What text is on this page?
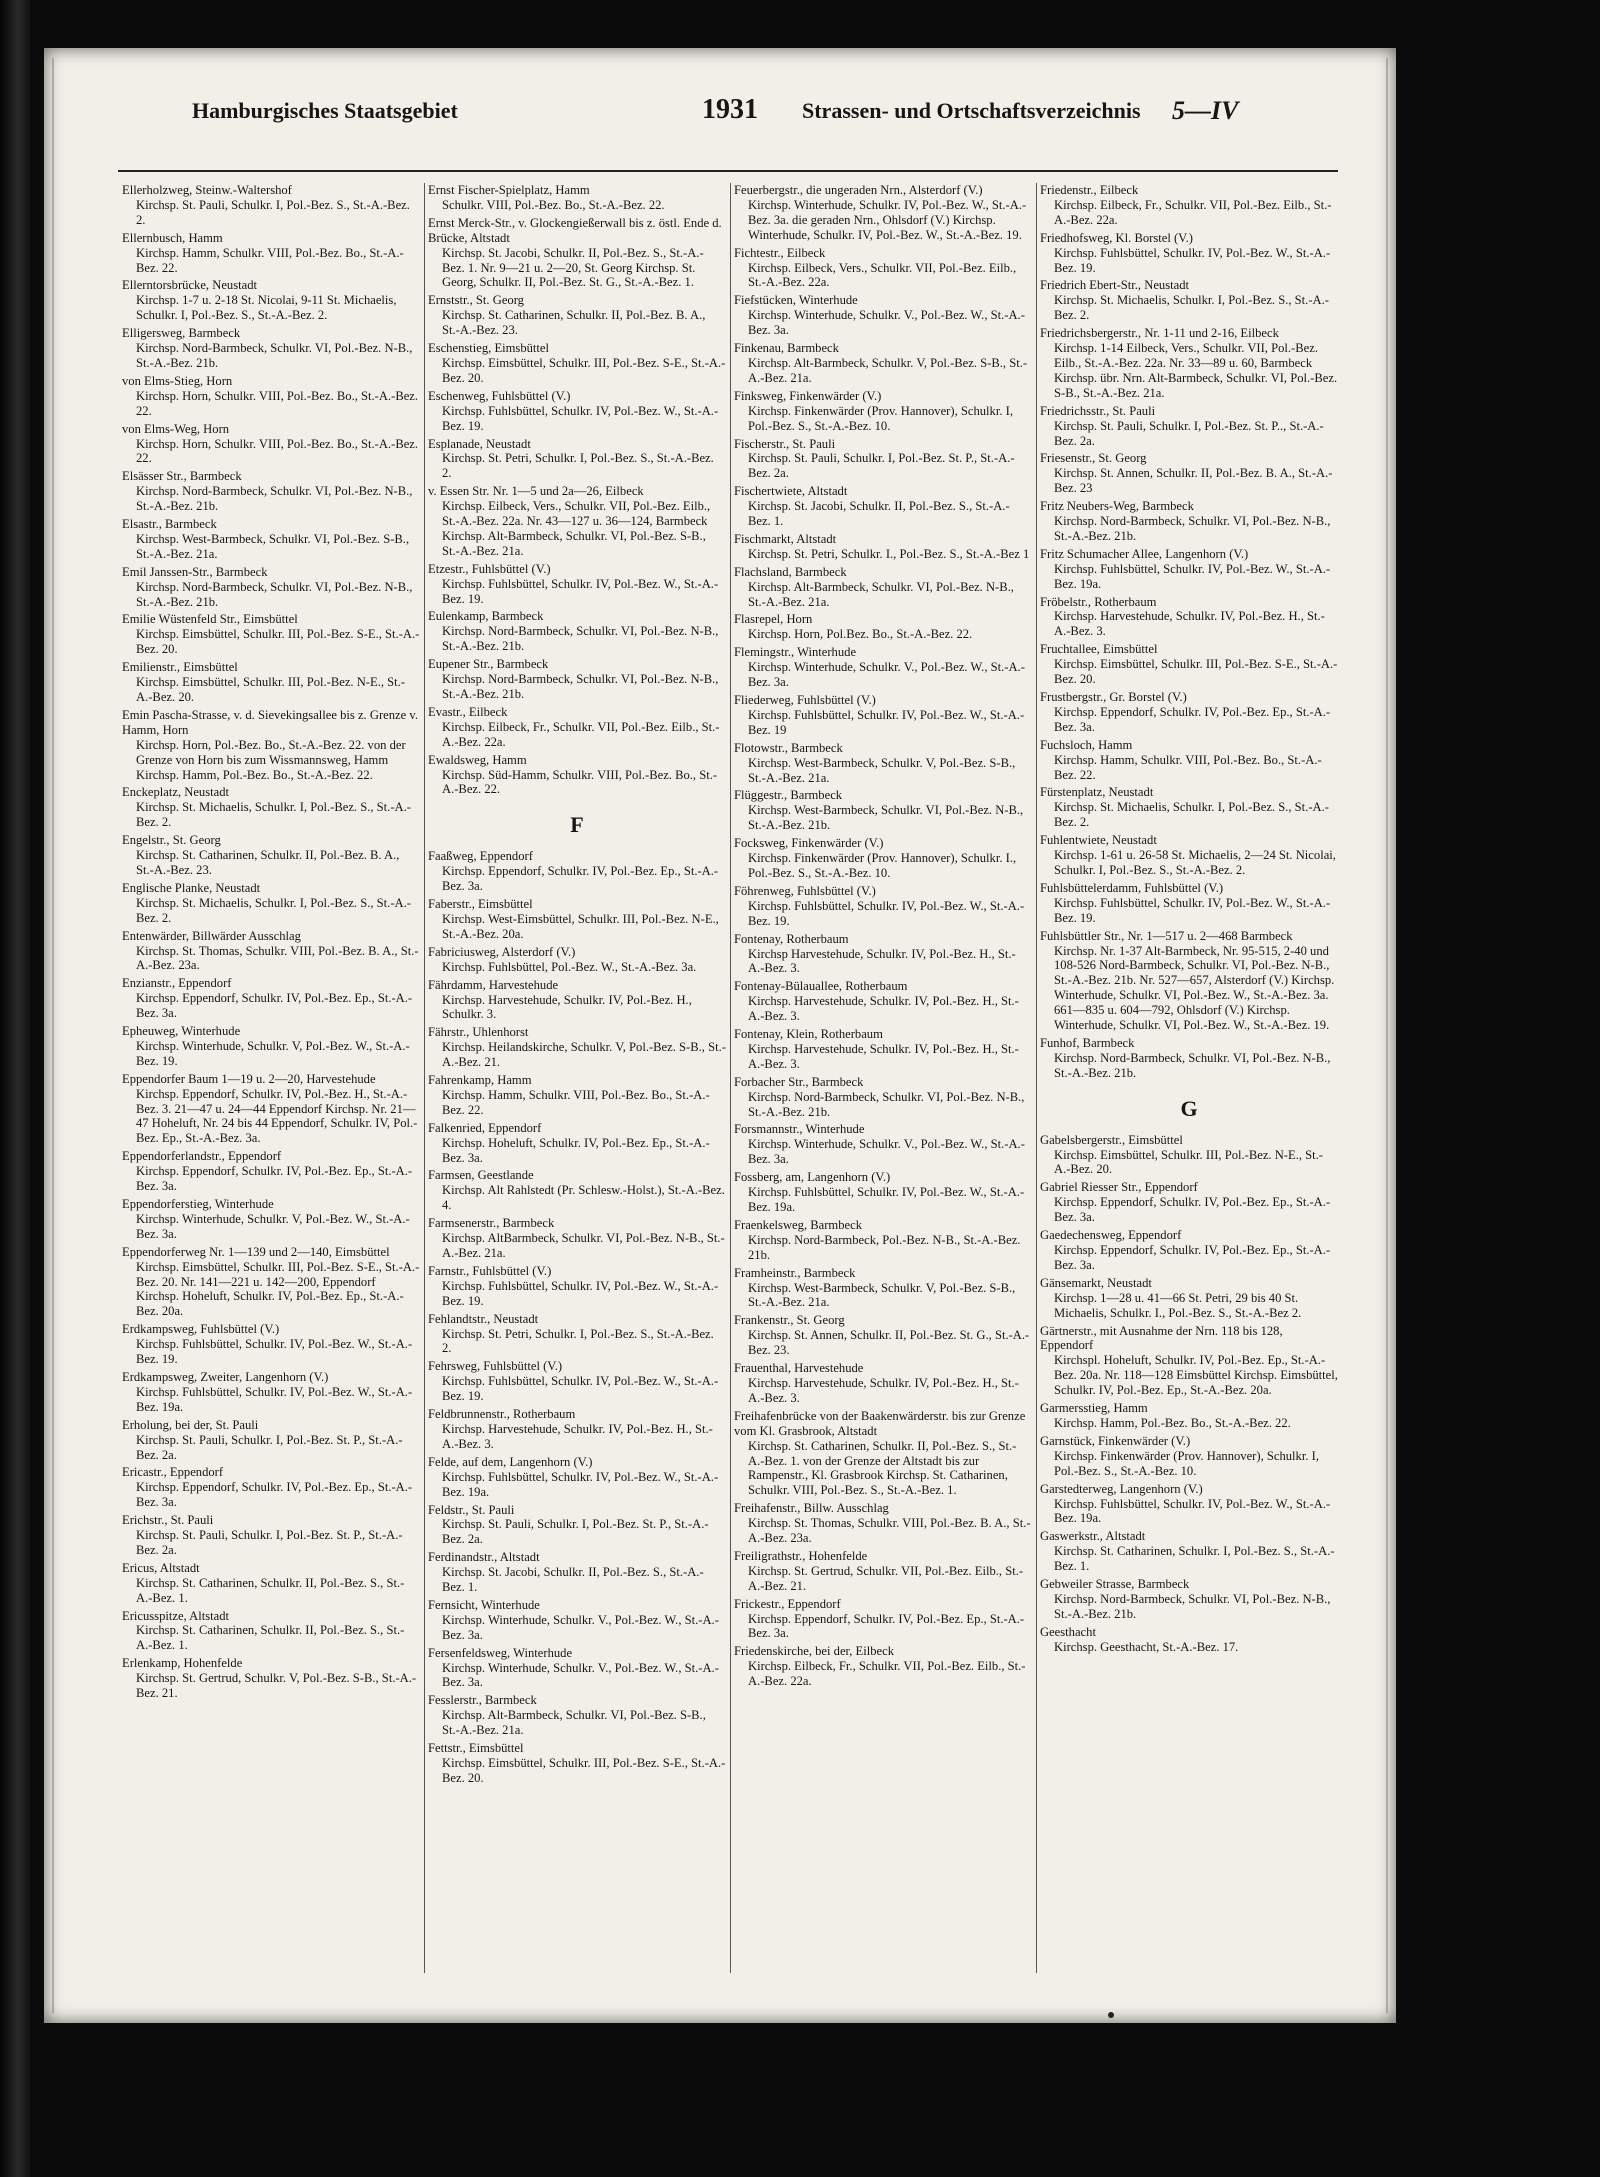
Hamburgisches Staatsgebiet	1931 Strassen- und Ortschaftsverzeichnis 5—IV
Ellerholzweg, Steinw.-Waltershof
Kirchsp. St. Pauli, Schulkr. I, Pol.-Bez. S., St.-A.-Bez. 2.
Ellernbusch, Hamm
Kirchsp. Hamm, Schulkr. VIII, Pol.-Bez. Bo., St.-A.-Bez. 22.
Ellerntorsbrücke, Neustadt
Kirchsp. 1-7 u. 2-18 St. Nicolai, 9-11 St. Michaelis, Schulkr. I, Pol.-Bez. S., St.-A.-Bez. 2.
Elligersweg, Barmbeck
Kirchsp. Nord-Barmbeck, Schulkr. VI, Pol.-Bez. N-B., St.-A.-Bez. 21b.
von Elms-Stieg, Horn
Kirchsp. Horn, Schulkr. VIII, Pol.-Bez. Bo., St.-A.-Bez. 22.
von Elms-Weg, Horn
Kirchsp. Horn, Schulkr. VIII, Pol.-Bez. Bo., St.-A.-Bez. 22.
Elsässer Str., Barmbeck
Kirchsp. Nord-Barmbeck, Schulkr. VI, Pol.-Bez. N-B., St.-A.-Bez. 21b.
Elsastr., Barmbeck
Kirchsp. West-Barmbeck, Schulkr. VI, Pol.-Bez. S-B., St.-A.-Bez. 21a.
Emil Janssen-Str., Barmbeck
Kirchsp. Nord-Barmbeck, Schulkr. VI, Pol.-Bez. N-B., St.-A.-Bez. 21b.
Emilie Wüstenfeld Str., Eimsbüttel
Kirchsp. Eimsbüttel, Schulkr. III, Pol.-Bez. S-E., St.-A.-Bez. 20.
Emilienstr., Eimsbüttel
Kirchsp. Eimsbüttel, Schulkr. III, Pol.-Bez. N-E., St.-A.-Bez. 20.
Emin Pascha-Strasse, v. d. Sievekingsallee bis z. Grenze v. Hamm, Horn
Kirchsp. Horn, Pol.-Bez. Bo., St.-A.-Bez. 22. von der Grenze von Horn bis zum Wissmannsweg, Hamm Kirchsp. Hamm, Pol.-Bez. Bo., St.-A.-Bez. 22.
Enckeplatz, Neustadt
Kirchsp. St. Michaelis, Schulkr. I, Pol.-Bez. S., St.-A.-Bez. 2.
Engelstr., St. Georg
Kirchsp. St. Catharinen, Schulkr. II, Pol.-Bez. B. A., St.-A.-Bez. 23.
Englische Planke, Neustadt
Kirchsp. St. Michaelis, Schulkr. I, Pol.-Bez. S., St.-A.-Bez. 2.
Entenwärder, Billwärder Ausschlag
Kirchsp. St. Thomas, Schulkr. VIII, Pol.-Bez. B. A., St.-A.-Bez. 23a.
Enzianstr., Eppendorf
Kirchsp. Eppendorf, Schulkr. IV, Pol.-Bez. Ep., St.-A.-Bez. 3a.
Epheuweg, Winterhude
Kirchsp. Winterhude, Schulkr. V, Pol.-Bez. W., St.-A.-Bez. 19.
Eppendorfer Baum 1—19 u. 2—20, Harvestehude
Kirchsp. Eppendorf, Schulkr. IV, Pol.-Bez. H., St.-A.-Bez. 3. 21—47 u. 24—44 Eppendorf Kirchsp. Nr. 21—47 Hoheluft, Nr. 24 bis 44 Eppendorf, Schulkr. IV, Pol.-Bez. Ep., St.-A.-Bez. 3a.
Eppendorferlandstr., Eppendorf
Kirchsp. Eppendorf, Schulkr. IV, Pol.-Bez. Ep., St.-A.-Bez. 3a.
Eppendorferstieg, Winterhude
Kirchsp. Winterhude, Schulkr. V, Pol.-Bez. W., St.-A.-Bez. 3a.
Eppendorferweg Nr. 1—139 und 2—140, Eimsbüttel
Kirchsp. Eimsbüttel, Schulkr. III, Pol.-Bez. S-E., St.-A.-Bez. 20. Nr. 141—221 u. 142—200, Eppendorf Kirchsp. Hoheluft, Schulkr. IV, Pol.-Bez. Ep., St.-A.-Bez. 20a.
Erdkampsweg, Fuhlsbüttel (V.)
Kirchsp. Fuhlsbüttel, Schulkr. IV, Pol.-Bez. W., St.-A.-Bez. 19.
Erdkampsweg, Zweiter, Langenhorn (V.)
Kirchsp. Fuhlsbüttel, Schulkr. IV, Pol.-Bez. W., St.-A.-Bez. 19a.
Erholung, bei der, St. Pauli
Kirchsp. St. Pauli, Schulkr. I, Pol.-Bez. St. P., St.-A.-Bez. 2a.
Ericastr., Eppendorf
Kirchsp. Eppendorf, Schulkr. IV, Pol.-Bez. Ep., St.-A.-Bez. 3a.
Erichstr., St. Pauli
Kirchsp. St. Pauli, Schulkr. I, Pol.-Bez. St. P., St.-A.-Bez. 2a.
Ericus, Altstadt
Kirchsp. St. Catharinen, Schulkr. II, Pol.-Bez. S., St.-A.-Bez. 1.
Ericusspitze, Altstadt
Kirchsp. St. Catharinen, Schulkr. II, Pol.-Bez. S., St.-A.-Bez. 1.
Erlenkamp, Hohenfelde
Kirchsp. St. Gertrud, Schulkr. V, Pol.-Bez. S-B., St.-A.-Bez. 21.
Ernst Fischer-Spielplatz, Hamm
Schulkr. VIII, Pol.-Bez. Bo., St.-A.-Bez. 22.
Ernst Merck-Str., v. Glockengießerwall bis z. östl. Ende d. Brücke, Altstadt
Kirchsp. St. Jacobi, Schulkr. II, Pol.-Bez. S., St.-A.-Bez. 1. Nr. 9—21 u. 2—20, St. Georg Kirchsp. St. Georg, Schulkr. II, Pol.-Bez. St. G., St.-A.-Bez. 1.
Ernststr., St. Georg
Kirchsp. St. Catharinen, Schulkr. II, Pol.-Bez. B. A., St.-A.-Bez. 23.
Eschenstieg, Eimsbüttel
Kirchsp. Eimsbüttel, Schulkr. III, Pol.-Bez. S-E., St.-A.-Bez. 20.
Eschenweg, Fuhlsbüttel (V.)
Kirchsp. Fuhlsbüttel, Schulkr. IV, Pol.-Bez. W., St.-A.-Bez. 19.
Esplanade, Neustadt
Kirchsp. St. Petri, Schulkr. I, Pol.-Bez. S., St.-A.-Bez. 2.
v. Essen Str. Nr. 1—5 und 2a—26, Eilbeck
Kirchsp. Eilbeck, Vers., Schulkr. VII, Pol.-Bez. Eilb., St.-A.-Bez. 22a. Nr. 43—127 u. 36—124, Barmbeck Kirchsp. Alt-Barmbeck, Schulkr. VI, Pol.-Bez. S-B., St.-A.-Bez. 21a.
Etzestr., Fuhlsbüttel (V.)
Kirchsp. Fuhlsbüttel, Schulkr. IV, Pol.-Bez. W., St.-A.-Bez. 19.
Eulenkamp, Barmbeck
Kirchsp. Nord-Barmbeck, Schulkr. VI, Pol.-Bez. N-B., St.-A.-Bez. 21b.
Eupener Str., Barmbeck
Kirchsp. Nord-Barmbeck, Schulkr. VI, Pol.-Bez. N-B., St.-A.-Bez. 21b.
Evastr., Eilbeck
Kirchsp. Eilbeck, Fr., Schulkr. VII, Pol.-Bez. Eilb., St.-A.-Bez. 22a.
Ewaldsweg, Hamm
Kirchsp. Süd-Hamm, Schulkr. VIII, Pol.-Bez. Bo., St.-A.-Bez. 22.
F
Faaßweg, Eppendorf
Kirchsp. Eppendorf, Schulkr. IV, Pol.-Bez. Ep., St.-A.-Bez. 3a.
Faberstr., Eimsbüttel
Kirchsp. West-Eimsbüttel, Schulkr. III, Pol.-Bez. N-E., St.-A.-Bez. 20a.
Fabriciusweg, Alsterdorf (V.)
Kirchsp. Fuhlsbüttel, Pol.-Bez. W., St.-A.-Bez. 3a.
Fährdamm, Harvestehude
Kirchsp. Harvestehude, Schulkr. IV, Pol.-Bez. H., Schulkr. 3.
Fährstr., Uhlenhorst
Kirchsp. Heilandskirche, Schulkr. V, Pol.-Bez. S-B., St.-A.-Bez. 21.
Fahrenkamp, Hamm
Kirchsp. Hamm, Schulkr. VIII, Pol.-Bez. Bo., St.-A.-Bez. 22.
Falkenried, Eppendorf
Kirchsp. Hoheluft, Schulkr. IV, Pol.-Bez. Ep., St.-A.-Bez. 3a.
Farmsen, Geestlande
Kirchsp. Alt Rahlstedt (Pr. Schlesw.-Holst.), St.-A.-Bez. 4.
Farmsenerstr., Barmbeck
Kirchsp. AltBarmbeck, Schulkr. VI, Pol.-Bez. N-B., St.-A.-Bez. 21a.
Farnstr., Fuhlsbüttel (V.)
Kirchsp. Fuhlsbüttel, Schulkr. IV, Pol.-Bez. W., St.-A.-Bez. 19.
Fehlandtstr., Neustadt
Kirchsp. St. Petri, Schulkr. I, Pol.-Bez. S., St.-A.-Bez. 2.
Fehrsweg, Fuhlsbüttel (V.)
Kirchsp. Fuhlsbüttel, Schulkr. IV, Pol.-Bez. W., St.-A.-Bez. 19.
Feldbrunnenstr., Rotherbaum
Kirchsp. Harvestehude, Schulkr. IV, Pol.-Bez. H., St.-A.-Bez. 3.
Felde, auf dem, Langenhorn (V.)
Kirchsp. Fuhlsbüttel, Schulkr. IV, Pol.-Bez. W., St.-A.-Bez. 19a.
Feldstr., St. Pauli
Kirchsp. St. Pauli, Schulkr. I, Pol.-Bez. St. P., St.-A.-Bez. 2a.
Ferdinandstr., Altstadt
Kirchsp. St. Jacobi, Schulkr. II, Pol.-Bez. S., St.-A.-Bez. 1.
Fernsicht, Winterhude
Kirchsp. Winterhude, Schulkr. V., Pol.-Bez. W., St.-A.-Bez. 3a.
Fersenfeldsweg, Winterhude
Kirchsp. Winterhude, Schulkr. V., Pol.-Bez. W., St.-A.-Bez. 3a.
Fesslerstr., Barmbeck
Kirchsp. Alt-Barmbeck, Schulkr. VI, Pol.-Bez. S-B., St.-A.-Bez. 21a.
Fettstr., Eimsbüttel
Kirchsp. Eimsbüttel, Schulkr. III, Pol.-Bez. S-E., St.-A.-Bez. 20.
Feuerbergstr., die ungeraden Nrn., Alsterdorf (V.)
Kirchsp. Winterhude, Schulkr. IV, Pol.-Bez. W., St.-A.-Bez. 3a. die geraden Nrn., Ohlsdorf (V.) Kirchsp. Winterhude, Schulkr. IV, Pol.-Bez. W., St.-A.-Bez. 19.
Fichtestr., Eilbeck
Kirchsp. Eilbeck, Vers., Schulkr. VII, Pol.-Bez. Eilb., St.-A.-Bez. 22a.
Fiefstücken, Winterhude
Kirchsp. Winterhude, Schulkr. V., Pol.-Bez. W., St.-A.-Bez. 3a.
Finkenau, Barmbeck
Kirchsp. Alt-Barmbeck, Schulkr. V, Pol.-Bez. S-B., St.-A.-Bez. 21a.
Finksweg, Finkenwärder (V.)
Kirchsp. Finkenwärder (Prov. Hannover), Schulkr. I, Pol.-Bez. S., St.-A.-Bez. 10.
Fischerstr., St. Pauli
Kirchsp. St. Pauli, Schulkr. I, Pol.-Bez. St. P., St.-A.-Bez. 2a.
Fischertwiete, Altstadt
Kirchsp. St. Jacobi, Schulkr. II, Pol.-Bez. S., St.-A.-Bez. 1.
Fischmarkt, Altstadt
Kirchsp. St. Petri, Schulkr. I., Pol.-Bez. S., St.-A.-Bez 1
Flachsland, Barmbeck
Kirchsp. Alt-Barmbeck, Schulkr. VI, Pol.-Bez. N-B., St.-A.-Bez. 21a.
Flasrepel, Horn
Kirchsp. Horn, Pol.Bez. Bo., St.-A.-Bez. 22.
Flemingstr., Winterhude
Kirchsp. Winterhude, Schulkr. V., Pol.-Bez. W., St.-A.-Bez. 3a.
Fliederweg, Fuhlsbüttel (V.)
Kirchsp. Fuhlsbüttel, Schulkr. IV, Pol.-Bez. W., St.-A.-Bez. 19
Flotowstr., Barmbeck
Kirchsp. West-Barmbeck, Schulkr. V, Pol.-Bez. S-B., St.-A.-Bez. 21a.
Flüggestr., Barmbeck
Kirchsp. West-Barmbeck, Schulkr. VI, Pol.-Bez. N-B., St.-A.-Bez. 21b.
Focksweg, Finkenwärder (V.)
Kirchsp. Finkenwärder (Prov. Hannover), Schulkr. I., Pol.-Bez. S., St.-A.-Bez. 10.
Föhrenweg, Fuhlsbüttel (V.)
Kirchsp. Fuhlsbüttel, Schulkr. IV, Pol.-Bez. W., St.-A.-Bez. 19.
Fontenay, Rotherbaum
Kirchsp Harvestehude, Schulkr. IV, Pol.-Bez. H., St.-A.-Bez. 3.
Fontenay-Bülauallee, Rotherbaum
Kirchsp. Harvestehude, Schulkr. IV, Pol.-Bez. H., St.-A.-Bez. 3.
Fontenay, Klein, Rotherbaum
Kirchsp. Harvestehude, Schulkr. IV, Pol.-Bez. H., St.-A.-Bez. 3.
Forbacher Str., Barmbeck
Kirchsp. Nord-Barmbeck, Schulkr. VI, Pol.-Bez. N-B., St.-A.-Bez. 21b.
Forsmannstr., Winterhude
Kirchsp. Winterhude, Schulkr. V., Pol.-Bez. W., St.-A.-Bez. 3a.
Fossberg, am, Langenhorn (V.)
Kirchsp. Fuhlsbüttel, Schulkr. IV, Pol.-Bez. W., St.-A.-Bez. 19a.
Fraenkelsweg, Barmbeck
Kirchsp. Nord-Barmbeck, Pol.-Bez. N-B., St.-A.-Bez. 21b.
Framheinstr., Barmbeck
Kirchsp. West-Barmbeck, Schulkr. V, Pol.-Bez. S-B., St.-A.-Bez. 21a.
Frankenstr., St. Georg
Kirchsp. St. Annen, Schulkr. II, Pol.-Bez. St. G., St.-A.-Bez. 23.
Frauenthal, Harvestehude
Kirchsp. Harvestehude, Schulkr. IV, Pol.-Bez. H., St.-A.-Bez. 3.
Freihafenbrücke von der Baakenwärderstr. bis zur Grenze vom Kl. Grasbrook, Altstadt
Kirchsp. St. Catharinen, Schulkr. II, Pol.-Bez. S., St.-A.-Bez. 1. von der Grenze der Altstadt bis zur Rampenstr., Kl. Grasbrook Kirchsp. St. Catharinen, Schulkr. VIII, Pol.-Bez. S., St.-A.-Bez. 1.
Freihafenstr., Billw. Ausschlag
Kirchsp. St. Thomas, Schulkr. VIII, Pol.-Bez. B. A., St.-A.-Bez. 23a.
Freiligrathstr., Hohenfelde
Kirchsp. St. Gertrud, Schulkr. VII, Pol.-Bez. Eilb., St.-A.-Bez. 21.
Frickestr., Eppendorf
Kirchsp. Eppendorf, Schulkr. IV, Pol.-Bez. Ep., St.-A.-Bez. 3a.
Friedenskirche, bei der, Eilbeck
Kirchsp. Eilbeck, Fr., Schulkr. VII, Pol.-Bez. Eilb., St.-A.-Bez. 22a.
Friedenstr., Eilbeck
Kirchsp. Eilbeck, Fr., Schulkr. VII, Pol.-Bez. Eilb., St.-A.-Bez. 22a.
Friedhofsweg, Kl. Borstel (V.)
Kirchsp. Fuhlsbüttel, Schulkr. IV, Pol.-Bez. W., St.-A.-Bez. 19.
Friedrich Ebert-Str., Neustadt
Kirchsp. St. Michaelis, Schulkr. I, Pol.-Bez. S., St.-A.-Bez. 2.
Friedrichsbergerstr., Nr. 1-11 und 2-16, Eilbeck
Kirchsp. 1-14 Eilbeck, Vers., Schulkr. VII, Pol.-Bez. Eilb., St.-A.-Bez. 22a. Nr. 33—89 u. 60, Barmbeck Kirchsp. übr. Nrn. Alt-Barmbeck, Schulkr. VI, Pol.-Bez. S-B., St.-A.-Bez. 21a.
Friedrichsstr., St. Pauli
Kirchsp. St. Pauli, Schulkr. I, Pol.-Bez. St. P.., St.-A.-Bez. 2a.
Friesenstr., St. Georg
Kirchsp. St. Annen, Schulkr. II, Pol.-Bez. B. A., St.-A.-Bez. 23
Fritz Neubers-Weg, Barmbeck
Kirchsp. Nord-Barmbeck, Schulkr. VI, Pol.-Bez. N-B., St.-A.-Bez. 21b.
Fritz Schumacher Allee, Langenhorn (V.)
Kirchsp. Fuhlsbüttel, Schulkr. IV, Pol.-Bez. W., St.-A.-Bez. 19a.
Fröbelstr., Rotherbaum
Kirchsp. Harvestehude, Schulkr. IV, Pol.-Bez. H., St.-A.-Bez. 3.
Fruchtallee, Eimsbüttel
Kirchsp. Eimsbüttel, Schulkr. III, Pol.-Bez. S-E., St.-A.-Bez. 20.
Frustbergstr., Gr. Borstel (V.)
Kirchsp. Eppendorf, Schulkr. IV, Pol.-Bez. Ep., St.-A.-Bez. 3a.
Fuchsloch, Hamm
Kirchsp. Hamm, Schulkr. VIII, Pol.-Bez. Bo., St.-A.-Bez. 22.
Fürstenplatz, Neustadt
Kirchsp. St. Michaelis, Schulkr. I, Pol.-Bez. S., St.-A.-Bez. 2.
Fuhlentwiete, Neustadt
Kirchsp. 1-61 u. 26-58 St. Michaelis, 2—24 St. Nicolai, Schulkr. I, Pol.-Bez. S., St.-A.-Bez. 2.
Fuhlsbüttelerdamm, Fuhlsbüttel (V.)
Kirchsp. Fuhlsbüttel, Schulkr. IV, Pol.-Bez. W., St.-A.-Bez. 19.
Fuhlsbüttler Str., Nr. 1—517 u. 2—468 Barmbeck
Kirchsp. Nr. 1-37 Alt-Barmbeck, Nr. 95-515, 2-40 und 108-526 Nord-Barmbeck, Schulkr. VI, Pol.-Bez. N-B., St.-A.-Bez. 21b. Nr. 527—657, Alsterdorf (V.) Kirchsp. Winterhude, Schulkr. VI, Pol.-Bez. W., St.-A.-Bez. 3a. 661—835 u. 604—792, Ohlsdorf (V.) Kirchsp. Winterhude, Schulkr. VI, Pol.-Bez. W., St.-A.-Bez. 19.
Funhof, Barmbeck
Kirchsp. Nord-Barmbeck, Schulkr. VI, Pol.-Bez. N-B., St.-A.-Bez. 21b.
G
Gabelsbergerstr., Eimsbüttel
Kirchsp. Eimsbüttel, Schulkr. III, Pol.-Bez. N-E., St.-A.-Bez. 20.
Gabriel Riesser Str., Eppendorf
Kirchsp. Eppendorf, Schulkr. IV, Pol.-Bez. Ep., St.-A.-Bez. 3a.
Gaedechensweg, Eppendorf
Kirchsp. Eppendorf, Schulkr. IV, Pol.-Bez. Ep., St.-A.-Bez. 3a.
Gänsemarkt, Neustadt
Kirchsp. 1—28 u. 41—66 St. Petri, 29 bis 40 St. Michaelis, Schulkr. I., Pol.-Bez. S., St.-A.-Bez 2.
Gärtnerstr., mit Ausnahme der Nrn. 118 bis 128, Eppendorf
Kirchspl. Hoheluft, Schulkr. IV, Pol.-Bez. Ep., St.-A.-Bez. 20a. Nr. 118—128 Eimsbüttel Kirchsp. Eimsbüttel, Schulkr. IV, Pol.-Bez. Ep., St.-A.-Bez. 20a.
Garmersstieg, Hamm
Kirchsp. Hamm, Pol.-Bez. Bo., St.-A.-Bez. 22.
Garnstück, Finkenwärder (V.)
Kirchsp. Finkenwärder (Prov. Hannover), Schulkr. I, Pol.-Bez. S., St.-A.-Bez. 10.
Garstedterweg, Langenhorn (V.)
Kirchsp. Fuhlsbüttel, Schulkr. IV, Pol.-Bez. W., St.-A.-Bez. 19a.
Gaswerkstr., Altstadt
Kirchsp. St. Catharinen, Schulkr. I, Pol.-Bez. S., St.-A.-Bez. 1.
Gebweiler Strasse, Barmbeck
Kirchsp. Nord-Barmbeck, Schulkr. VI, Pol.-Bez. N-B., St.-A.-Bez. 21b.
Geesthacht
Kirchsp. Geesthacht, St.-A.-Bez. 17.
